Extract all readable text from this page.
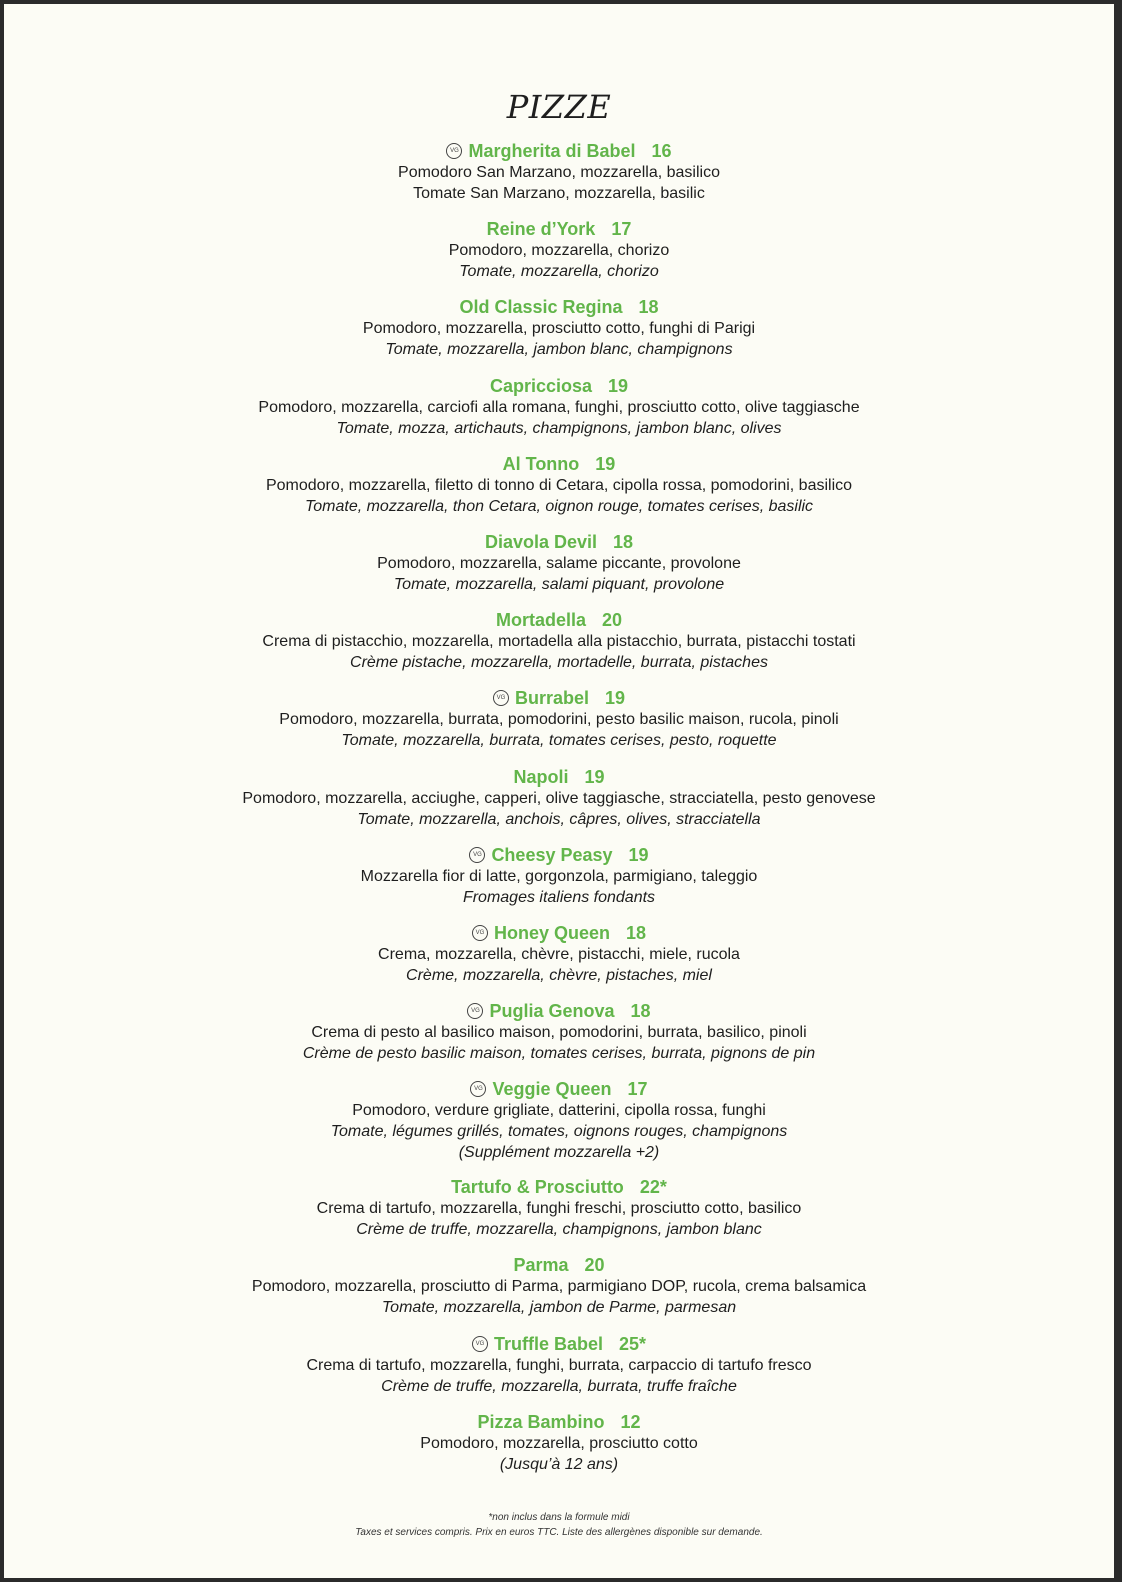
PIZZE
VG Margherita di Babel 16
Pomodoro San Marzano, mozzarella, basilico
Tomate San Marzano, mozzarella, basilic
Reine d’York 17
Pomodoro, mozzarella, chorizo
Tomate, mozzarella, chorizo
Old Classic Regina 18
Pomodoro, mozzarella, prosciutto cotto, funghi di Parigi
Tomate, mozzarella, jambon blanc, champignons
Capricciosa 19
Pomodoro, mozzarella, carciofi alla romana, funghi, prosciutto cotto, olive taggiasche
Tomate, mozza, artichauts, champignons, jambon blanc, olives
Al Tonno 19
Pomodoro, mozzarella, filetto di tonno di Cetara, cipolla rossa, pomodorini, basilico
Tomate, mozzarella, thon Cetara, oignon rouge, tomates cerises, basilic
Diavola Devil 18
Pomodoro, mozzarella, salame piccante, provolone
Tomate, mozzarella, salami piquant, provolone
Mortadella 20
Crema di pistacchio, mozzarella, mortadella alla pistacchio, burrata, pistacchi tostati
Crème pistache, mozzarella, mortadelle, burrata, pistaches
VG Burrabel 19
Pomodoro, mozzarella, burrata, pomodorini, pesto basilic maison, rucola, pinoli
Tomate, mozzarella, burrata, tomates cerises, pesto, roquette
Napoli 19
Pomodoro, mozzarella, acciughe, capperi, olive taggiasche, stracciatella, pesto genovese
Tomate, mozzarella, anchois, câpres, olives, stracciatella
VG Cheesy Peasy 19
Mozzarella fior di latte, gorgonzola, parmigiano, taleggio
Fromages italiens fondants
VG Honey Queen 18
Crema, mozzarella, chèvre, pistacchi, miele, rucola
Crème, mozzarella, chèvre, pistaches, miel
VG Puglia Genova 18
Crema di pesto al basilico maison, pomodorini, burrata, basilico, pinoli
Crème de pesto basilic maison, tomates cerises, burrata, pignons de pin
VG Veggie Queen 17
Pomodoro, verdure grigliate, datterini, cipolla rossa, funghi
Tomate, légumes grillés, tomates, oignons rouges, champignons
(Supplément mozzarella +2)
Tartufo & Prosciutto 22*
Crema di tartufo, mozzarella, funghi freschi, prosciutto cotto, basilico
Crème de truffe, mozzarella, champignons, jambon blanc
Parma 20
Pomodoro, mozzarella, prosciutto di Parma, parmigiano DOP, rucola, crema balsamica
Tomate, mozzarella, jambon de Parme, parmesan
VG Truffle Babel 25*
Crema di tartufo, mozzarella, funghi, burrata, carpaccio di tartufo fresco
Crème de truffe, mozzarella, burrata, truffe fraîche
Pizza Bambino 12
Pomodoro, mozzarella, prosciutto cotto
(Jusqu’à 12 ans)
*non inclus dans la formule midi
Taxes et services compris. Prix en euros TTC. Liste des allergènes disponible sur demande.
